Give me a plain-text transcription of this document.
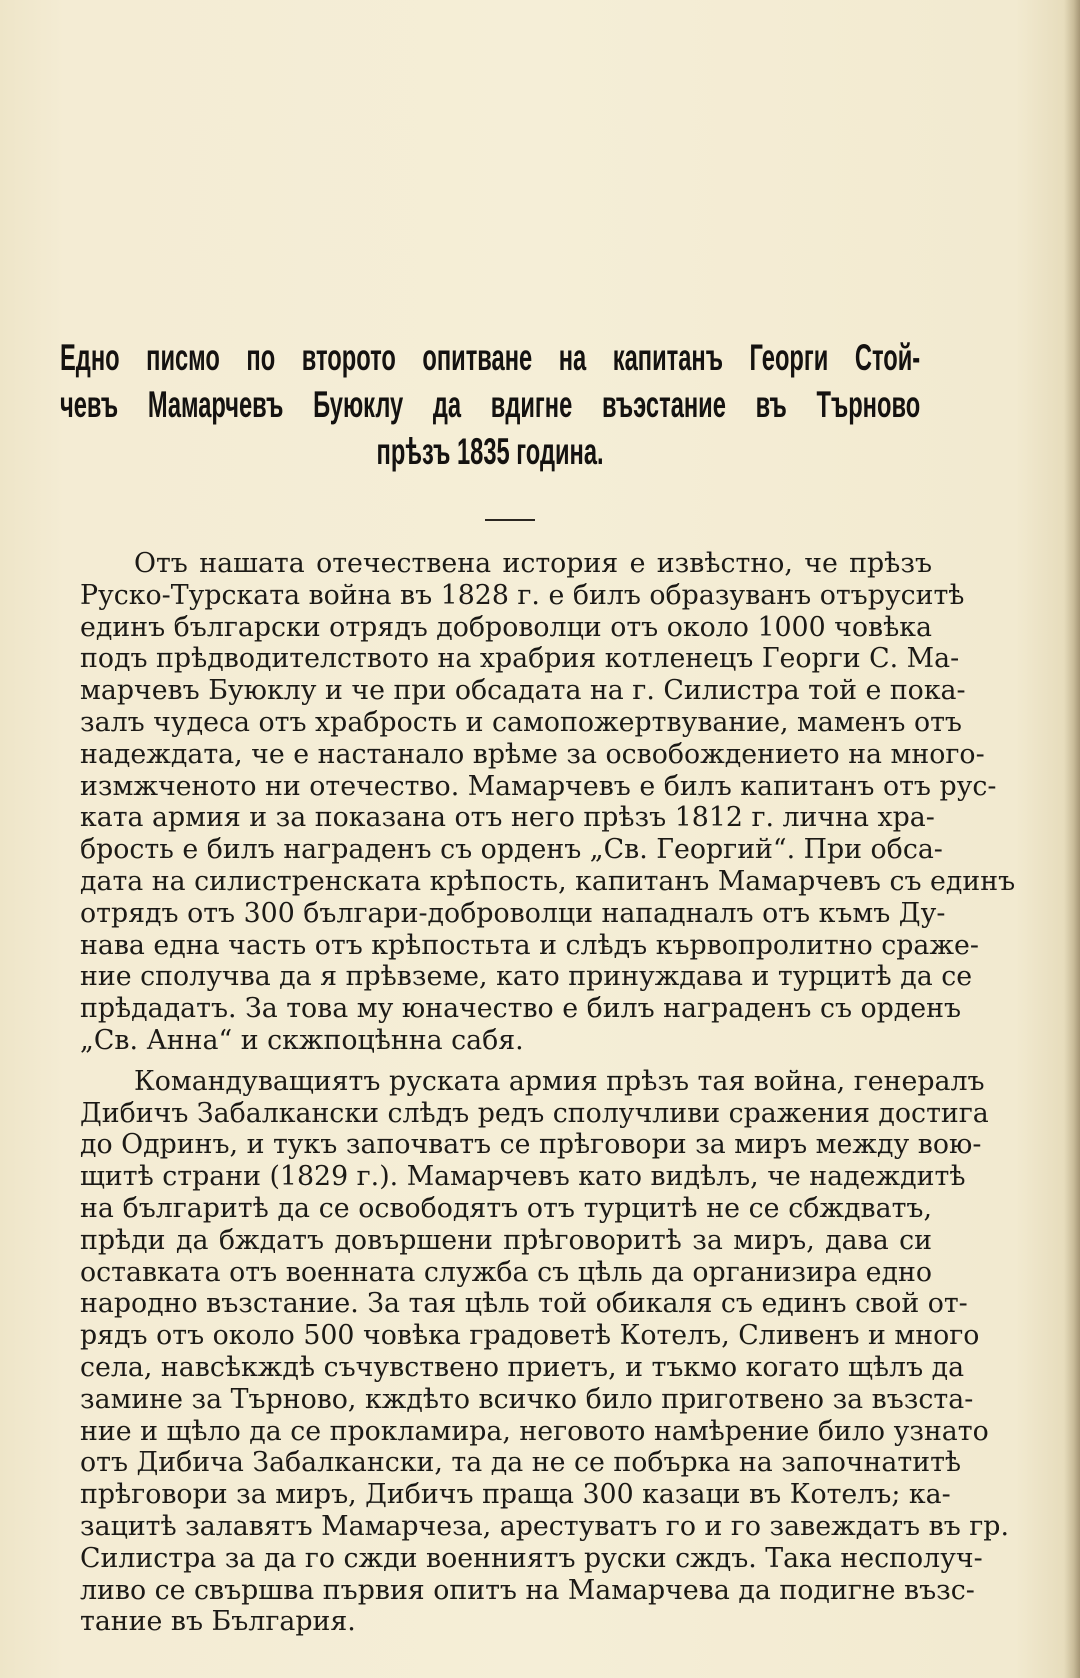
Едно писмо по второто опитване на капитанъ Георги Стой-
чевъ Мамарчевъ Буюклу да вдигне въэстание въ Търново
прѣзъ 1835 година.
Отъ нашата отечествена история е извѣстно, че прѣзъ
Руско-Турската война въ 1828 г. е билъ образуванъ отъруситѣ
единъ български отрядъ доброволци отъ около 1000 човѣка
подъ прѣдводителството на храбрия котленецъ Георги С. Ма-
марчевъ Буюклу и че при обсадата на г. Силистра той е пока-
залъ чудеса отъ храбрость и самопожертвувание, маменъ отъ
надеждата, че е настанало врѣме за освобождението на много-
измжченото ни отечество. Мамарчевъ е билъ капитанъ отъ рус-
ката армия и за показана отъ него прѣзъ 1812 г. лична хра-
брость е билъ награденъ съ орденъ „Св. Георгий“. При обса-
дата на силистренската крѣпость, капитанъ Мамарчевъ съ единъ
отрядъ отъ 300 българи-доброволци нападналъ отъ къмъ Ду-
нава една часть отъ крѣпостьта и слѣдъ кървопролитно сраже-
ние сполучва да я прѣвземе, като принуждава и турцитѣ да се
прѣдадатъ. За това му юначество е билъ награденъ съ орденъ
„Св. Анна“ и скжпоцѣнна сабя.
Командуващиятъ руската армия прѣзъ тая война, генералъ
Дибичъ Забалкански слѣдъ редъ сполучливи сражения достига
до Одринъ, и тукъ започватъ се прѣговори за миръ между вою-
щитѣ страни (1829 г.). Мамарчевъ като видѣлъ, че надеждитѣ
на българитѣ да се освободятъ отъ турцитѣ не се сбждватъ,
прѣди да бждатъ довършени прѣговоритѣ за миръ, дава си
оставката отъ военната служба съ цѣль да организира едно
народно възстание. За тая цѣль той обикаля съ единъ свой от-
рядъ отъ около 500 човѣка градоветѣ Котелъ, Сливенъ и много
села, навсѣкждѣ съчувствено приетъ, и тъкмо когато щѣлъ да
замине за Търново, кждѣто всичко било приготвено за възста-
ние и щѣло да се прокламира, неговото намѣрение било узнато
отъ Дибича Забалкански, та да не се побърка на започнатитѣ
прѣговори за миръ, Дибичъ праща 300 казаци въ Котелъ; ка-
зацитѣ залавятъ Мамарчеза, арестуватъ го и го завеждатъ въ гр.
Силистра за да го сжди военниятъ руски сждъ. Така несполуч-
ливо се свършва първия опитъ на Мамарчева да подигне възс-
тание въ България.
